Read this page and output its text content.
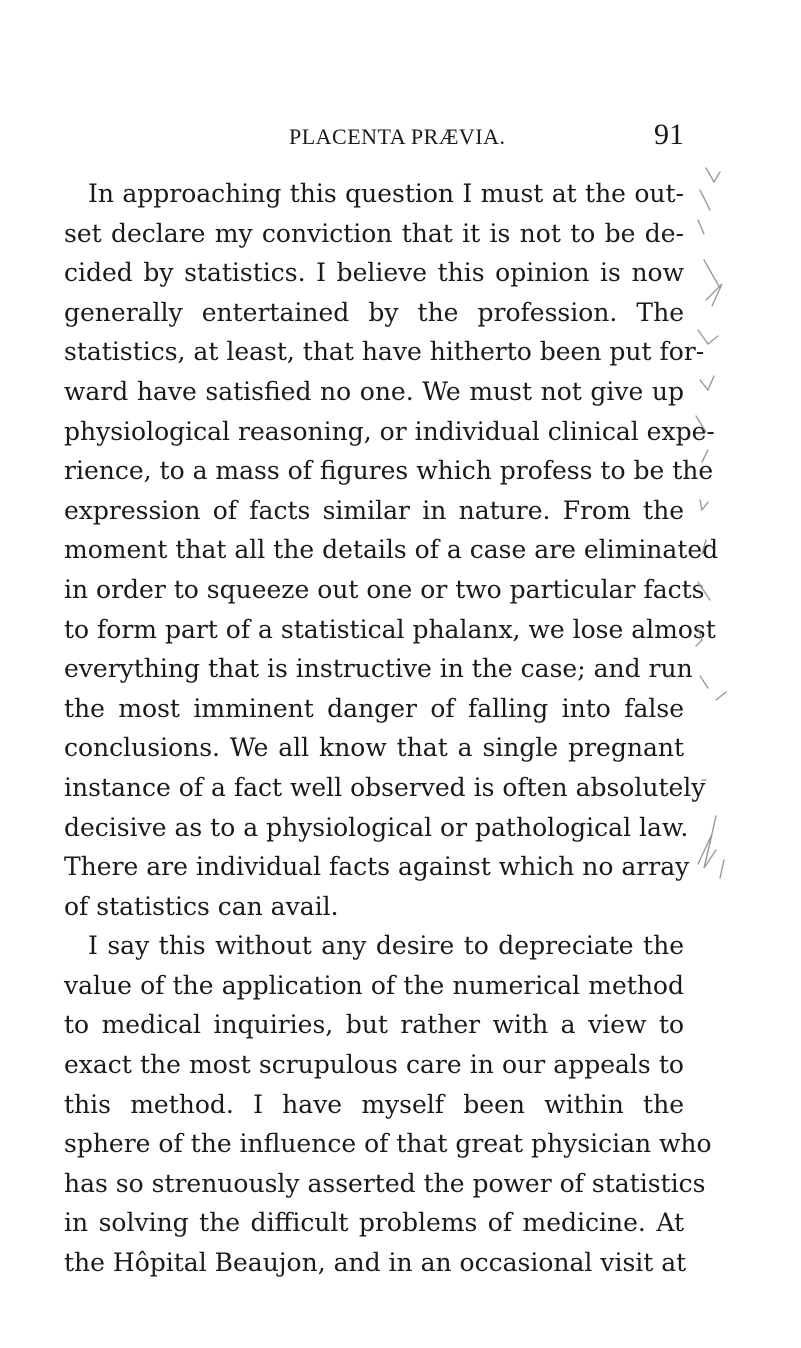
PLACENTA PRÆVIA.	91
In approaching this question I must at the out-
set declare my conviction that it is not to be de-
cided by statistics. I believe this opinion is now
generally entertained by the profession. The
statistics, at least, that have hitherto been put for-
ward have satisfied no one. We must not give up
physiological reasoning, or individual clinical expe-
rience, to a mass of figures which profess to be the
expression of facts similar in nature. From the
moment that all the details of a case are eliminated
in order to squeeze out one or two particular facts
to form part of a statistical phalanx, we lose almost
everything that is instructive in the case; and run
the most imminent danger of falling into false
conclusions. We all know that a single pregnant
instance of a fact well observed is often absolutely
decisive as to a physiological or pathological law.
There are individual facts against which no array
of statistics can avail.
I say this without any desire to depreciate the
value of the application of the numerical method
to medical inquiries, but rather with a view to
exact the most scrupulous care in our appeals to
this method. I have myself been within the
sphere of the influence of that great physician who
has so strenuously asserted the power of statistics
in solving the difficult problems of medicine. At
the Hôpital Beaujon, and in an occasional visit at
